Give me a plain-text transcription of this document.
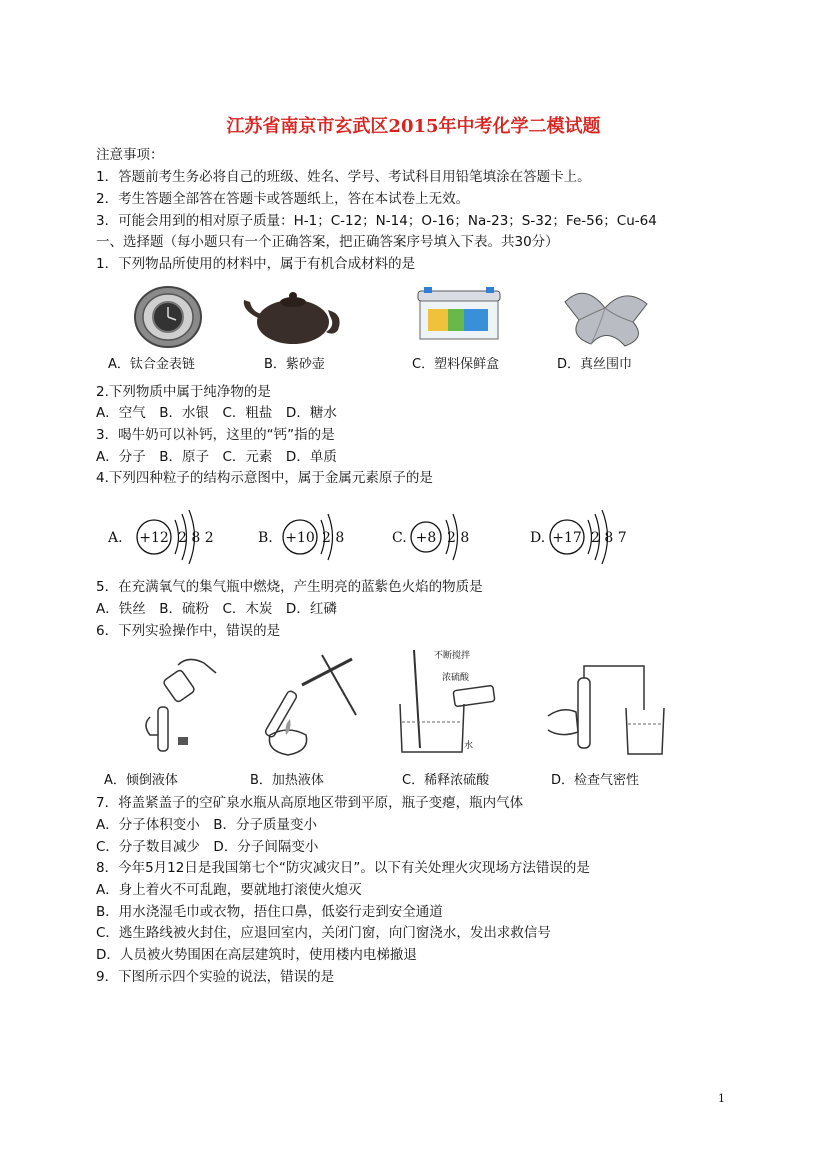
江苏省南京市玄武区2015年中考化学二模试题
注意事项：
1．答题前考生务必将自己的班级、姓名、学号、考试科目用铅笔填涂在答题卡上。
2．考生答题全部答在答题卡或答题纸上，答在本试卷上无效。
3．可能会用到的相对原子质量：H-1；C-12；N-14；O-16；Na-23；S-32；Fe-56；Cu-64
一、选择题（每小题只有一个正确答案，把正确答案序号填入下表。共30分）
1．下列物品所使用的材料中，属于有机合成材料的是
A．钛合金表链	B．紫砂壶	C．塑料保鲜盒	D．真丝围巾
2.下列物质中属于纯净物的是
A．空气　B．水银　C．粗盐　D．糖水
3．喝牛奶可以补钙，这里的“钙”指的是
A．分子　B．原子　C．元素　D．单质
4.下列四种粒子的结构示意图中，属于金属元素原子的是
A. +12 2 8 2	B. +10 2 8	C. +8 2 8	D. +17 2 8 7
5．在充满氧气的集气瓶中燃烧，产生明亮的蓝紫色火焰的物质是
A．铁丝　B．硫粉　C．木炭　D．红磷
6．下列实验操作中，错误的是
不断搅拌
浓硫酸
水
A．倾倒液体	B．加热液体	C．稀释浓硫酸	D．检查气密性
7．将盖紧盖子的空矿泉水瓶从高原地区带到平原，瓶子变瘪，瓶内气体
A．分子体积变小　B．分子质量变小
C．分子数目减少　D．分子间隔变小
8．今年5月12日是我国第七个“防灾减灾日”。以下有关处理火灾现场方法错误的是
A．身上着火不可乱跑，要就地打滚使火熄灭
B．用水浇湿毛巾或衣物，捂住口鼻，低姿行走到安全通道
C．逃生路线被火封住，应退回室内，关闭门窗，向门窗浇水，发出求救信号
D．人员被火势围困在高层建筑时，使用楼内电梯撤退
9．下图所示四个实验的说法，错误的是
1
